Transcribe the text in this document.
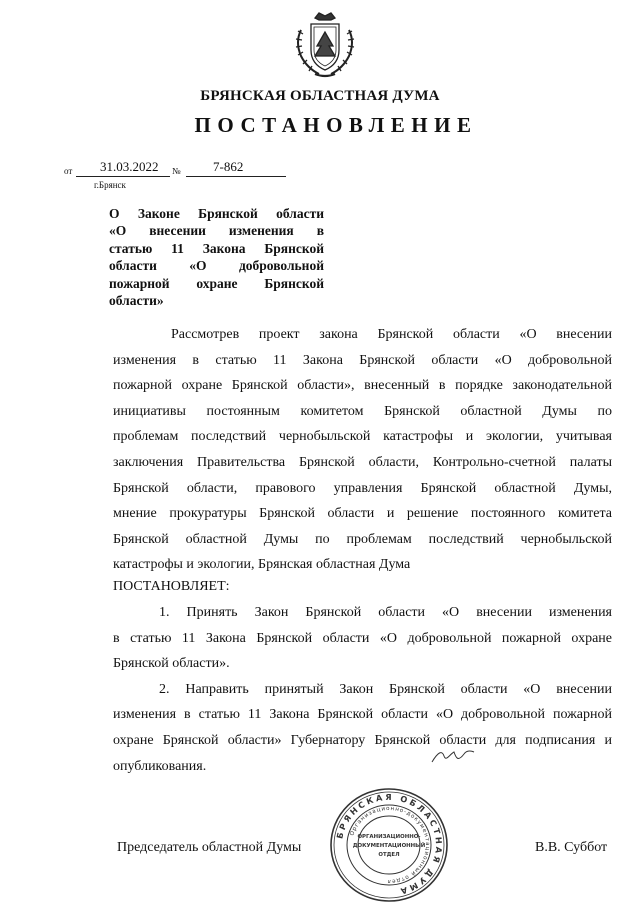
БРЯНСКАЯ ОБЛАСТНАЯ ДУМА
ПОСТАНОВЛЕНИЕ
от 31.03.2022 № 7-862
г.Брянск
О Законе Брянской области
«О внесении изменения в
статью 11 Закона Брянской
области «О добровольной
пожарной охране Брянской
области»
Рассмотрев проект закона Брянской области «О внесении
изменения в статью 11 Закона Брянской области «О добровольной
пожарной охране Брянской области», внесенный в порядке законодательной
инициативы постоянным комитетом Брянской областной Думы по
проблемам последствий чернобыльской катастрофы и экологии, учитывая
заключения Правительства Брянской области, Контрольно-счетной палаты
Брянской области, правового управления Брянской областной Думы,
мнение прокуратуры Брянской области и решение постоянного комитета
Брянской областной Думы по проблемам последствий чернобыльской
катастрофы и экологии, Брянская областная Дума
ПОСТАНОВЛЯЕТ:
1. Принять Закон Брянской области «О внесении изменения
в статью 11 Закона Брянской области «О добровольной пожарной охране
Брянской области».
2. Направить принятый Закон Брянской области «О внесении
изменения в статью 11 Закона Брянской области «О добровольной пожарной
охране Брянской области» Губернатору Брянской области для подписания и
опубликования.
Председатель областной Думы	В.В. Суббот
БРЯНСКАЯ ОБЛАСТНАЯ ДУМА
Организационно-документационный отдел
ОРГАНИЗАЦИОННО-
ДОКУМЕНТАЦИОННЫЙ
ОТДЕЛ
